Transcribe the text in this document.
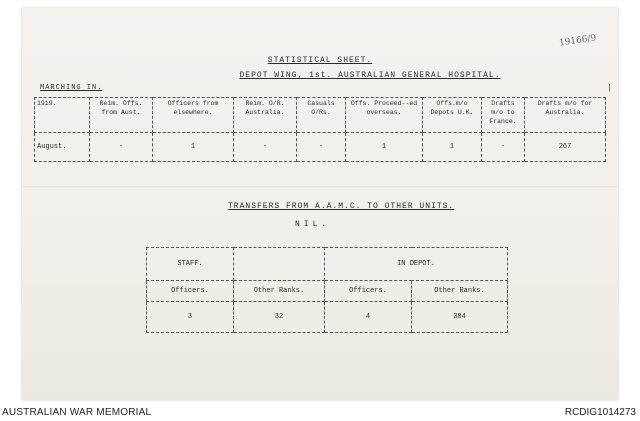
19166/9
STATISTICAL SHEET.
DEPOT WING, 1st. AUSTRALIAN GENERAL HOSPITAL.
MARCHING IN.	|
1919.	Reim. Offs. from Aust.	Officers from elsewhere.	Reim. O/R. Australia.	Casuals O/Rs.	Offs. Proceed--ed overseas.	Offs.m/o Depots U.K.	Drafts m/o to France.	Drafts m/o for Australia.
August.	-	1	-	-	1	1	-	267
TRANSFERS FROM A.A.M.C. TO OTHER UNITS.
NIL.
STAFF.		IN DEPOT.	
Officers.	Other Ranks.	Officers.	Other Ranks.
3	32	4	384
AUSTRALIAN WAR MEMORIAL	RCDIG1014273
